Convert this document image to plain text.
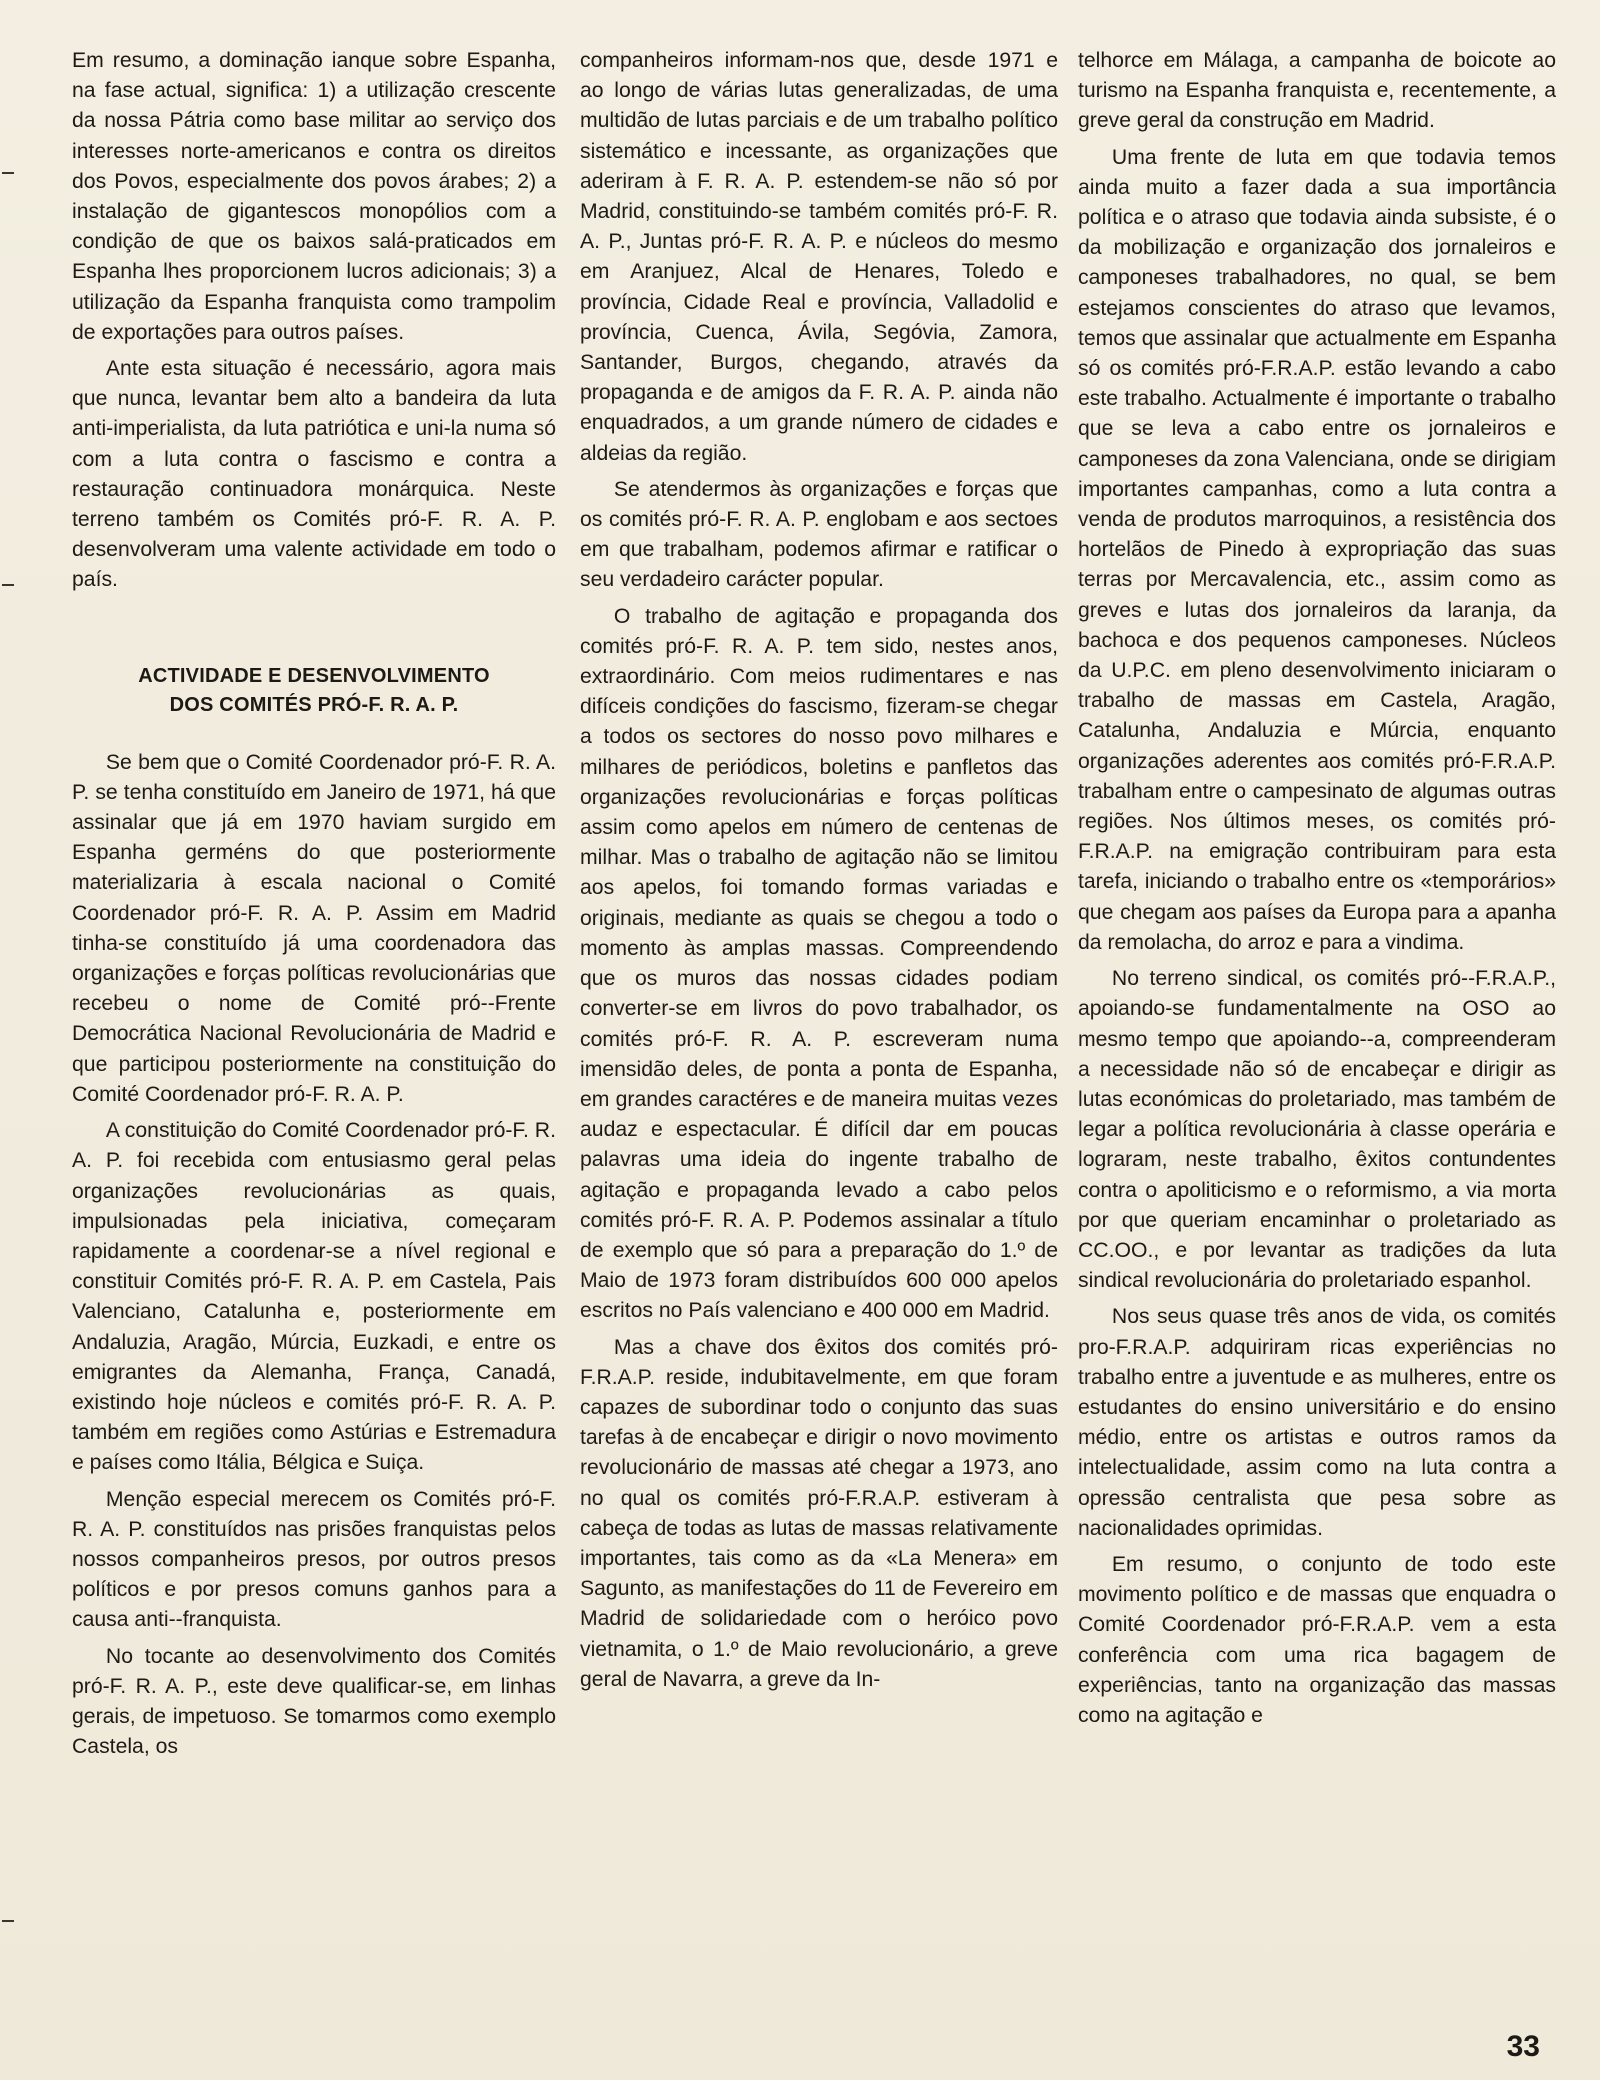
Em resumo, a dominação ianque sobre Espanha, na fase actual, significa: 1) a utilização crescente da nossa Pátria como base militar ao serviço dos interesses norte-americanos e contra os direitos dos Povos, especialmente dos povos árabes; 2) a instalação de gigantescos monopólios com a condição de que os baixos salá-praticados em Espanha lhes proporcionem lucros adicionais; 3) a utilização da Espanha franquista como trampolim de exportações para outros países.

Ante esta situação é necessário, agora mais que nunca, levantar bem alto a bandeira da luta anti-imperialista, da luta patriótica e uni-la numa só com a luta contra o fascismo e contra a restauração continuadora monárquica. Neste terreno também os Comités pró-F. R. A. P. desenvolveram uma valente actividade em todo o país.

ACTIVIDADE E DESENVOLVIMENTO
DOS COMITÉS PRÓ-F. R. A. P.

Se bem que o Comité Coordenador pró-F. R. A. P. se tenha constituído em Janeiro de 1971, há que assinalar que já em 1970 haviam surgido em Espanha germéns do que posteriormente materializaria à escala nacional o Comité Coordenador pró-F. R. A. P. Assim em Madrid tinha-se constituído já uma coordenadora das organizações e forças políticas revolucionárias que recebeu o nome de Comité pró--Frente Democrática Nacional Revolucionária de Madrid e que participou posteriormente na constituição do Comité Coordenador pró-F. R. A. P.

A constituição do Comité Coordenador pró-F. R. A. P. foi recebida com entusiasmo geral pelas organizações revolucionárias as quais, impulsionadas pela iniciativa, começaram rapidamente a coordenar-se a nível regional e constituir Comités pró-F. R. A. P. em Castela, Pais Valenciano, Catalunha e, posteriormente em Andaluzia, Aragão, Múrcia, Euzkadi, e entre os emigrantes da Alemanha, França, Canadá, existindo hoje núcleos e comités pró-F. R. A. P. também em regiões como Astúrias e Estremadura e países como Itália, Bélgica e Suiça.

Menção especial merecem os Comités pró-F. R. A. P. constituídos nas prisões franquistas pelos nossos companheiros presos, por outros presos políticos e por presos comuns ganhos para a causa anti--franquista.

No tocante ao desenvolvimento dos Comités pró-F. R. A. P., este deve qualificar-se, em linhas gerais, de impetuoso. Se tomarmos como exemplo Castela, os

companheiros informam-nos que, desde 1971 e ao longo de várias lutas generalizadas, de uma multidão de lutas parciais e de um trabalho político sistemático e incessante, as organizações que aderiram à F. R. A. P. estendem-se não só por Madrid, constituindo-se também comités pró-F. R. A. P., Juntas pró-F. R. A. P. e núcleos do mesmo em Aranjuez, Alcal de Henares, Toledo e província, Cidade Real e província, Valladolid e província, Cuenca, Ávila, Segóvia, Zamora, Santander, Burgos, chegando, através da propaganda e de amigos da F. R. A. P. ainda não enquadrados, a um grande número de cidades e aldeias da região.

Se atendermos às organizações e forças que os comités pró-F. R. A. P. englobam e aos sectoes em que trabalham, podemos afirmar e ratificar o seu verdadeiro carácter popular.

O trabalho de agitação e propaganda dos comités pró-F. R. A. P. tem sido, nestes anos, extraordinário. Com meios rudimentares e nas difíceis condições do fascismo, fizeram-se chegar a todos os sectores do nosso povo milhares e milhares de periódicos, boletins e panfletos das organizações revolucionárias e forças políticas assim como apelos em número de centenas de milhar. Mas o trabalho de agitação não se limitou aos apelos, foi tomando formas variadas e originais, mediante as quais se chegou a todo o momento às amplas massas. Compreendendo que os muros das nossas cidades podiam converter-se em livros do povo trabalhador, os comités pró-F. R. A. P. escreveram numa imensidão deles, de ponta a ponta de Espanha, em grandes caractéres e de maneira muitas vezes audaz e espectacular. É difícil dar em poucas palavras uma ideia do ingente trabalho de agitação e propaganda levado a cabo pelos comités pró-F. R. A. P. Podemos assinalar a título de exemplo que só para a preparação do 1.º de Maio de 1973 foram distribuídos 600 000 apelos escritos no País valenciano e 400 000 em Madrid.

Mas a chave dos êxitos dos comités pró-F.R.A.P. reside, indubitavelmente, em que foram capazes de subordinar todo o conjunto das suas tarefas à de encabeçar e dirigir o novo movimento revolucionário de massas até chegar a 1973, ano no qual os comités pró-F.R.A.P. estiveram à cabeça de todas as lutas de massas relativamente importantes, tais como as da «La Menera» em Sagunto, as manifestações do 11 de Fevereiro em Madrid de solidariedade com o heróico povo vietnamita, o 1.º de Maio revolucionário, a greve geral de Navarra, a greve da In-

telhorce em Málaga, a campanha de boicote ao turismo na Espanha franquista e, recentemente, a greve geral da construção em Madrid.

Uma frente de luta em que todavia temos ainda muito a fazer dada a sua importância política e o atraso que todavia ainda subsiste, é o da mobilização e organização dos jornaleiros e camponeses trabalhadores, no qual, se bem estejamos conscientes do atraso que levamos, temos que assinalar que actualmente em Espanha só os comités pró-F.R.A.P. estão levando a cabo este trabalho. Actualmente é importante o trabalho que se leva a cabo entre os jornaleiros e camponeses da zona Valenciana, onde se dirigiam importantes campanhas, como a luta contra a venda de produtos marroquinos, a resistência dos hortelãos de Pinedo à expropriação das suas terras por Mercavalencia, etc., assim como as greves e lutas dos jornaleiros da laranja, da bachoca e dos pequenos camponeses. Núcleos da U.P.C. em pleno desenvolvimento iniciaram o trabalho de massas em Castela, Aragão, Catalunha, Andaluzia e Múrcia, enquanto organizações aderentes aos comités pró-F.R.A.P. trabalham entre o campesinato de algumas outras regiões. Nos últimos meses, os comités pró-F.R.A.P. na emigração contribuiram para esta tarefa, iniciando o trabalho entre os «temporários» que chegam aos países da Europa para a apanha da remolacha, do arroz e para a vindima.

No terreno sindical, os comités pró--F.R.A.P., apoiando-se fundamentalmente na OSO ao mesmo tempo que apoiando--a, compreenderam a necessidade não só de encabeçar e dirigir as lutas económicas do proletariado, mas também de legar a política revolucionária à classe operária e lograram, neste trabalho, êxitos contundentes contra o apoliticismo e o reformismo, a via morta por que queriam encaminhar o proletariado as CC.OO., e por levantar as tradições da luta sindical revolucionária do proletariado espanhol.

Nos seus quase três anos de vida, os comités pro-F.R.A.P. adquiriram ricas experiências no trabalho entre a juventude e as mulheres, entre os estudantes do ensino universitário e do ensino médio, entre os artistas e outros ramos da intelectualidade, assim como na luta contra a opressão centralista que pesa sobre as nacionalidades oprimidas.

Em resumo, o conjunto de todo este movimento político e de massas que enquadra o Comité Coordenador pró-F.R.A.P. vem a esta conferência com uma rica bagagem de experiências, tanto na organização das massas como na agitação e

33
